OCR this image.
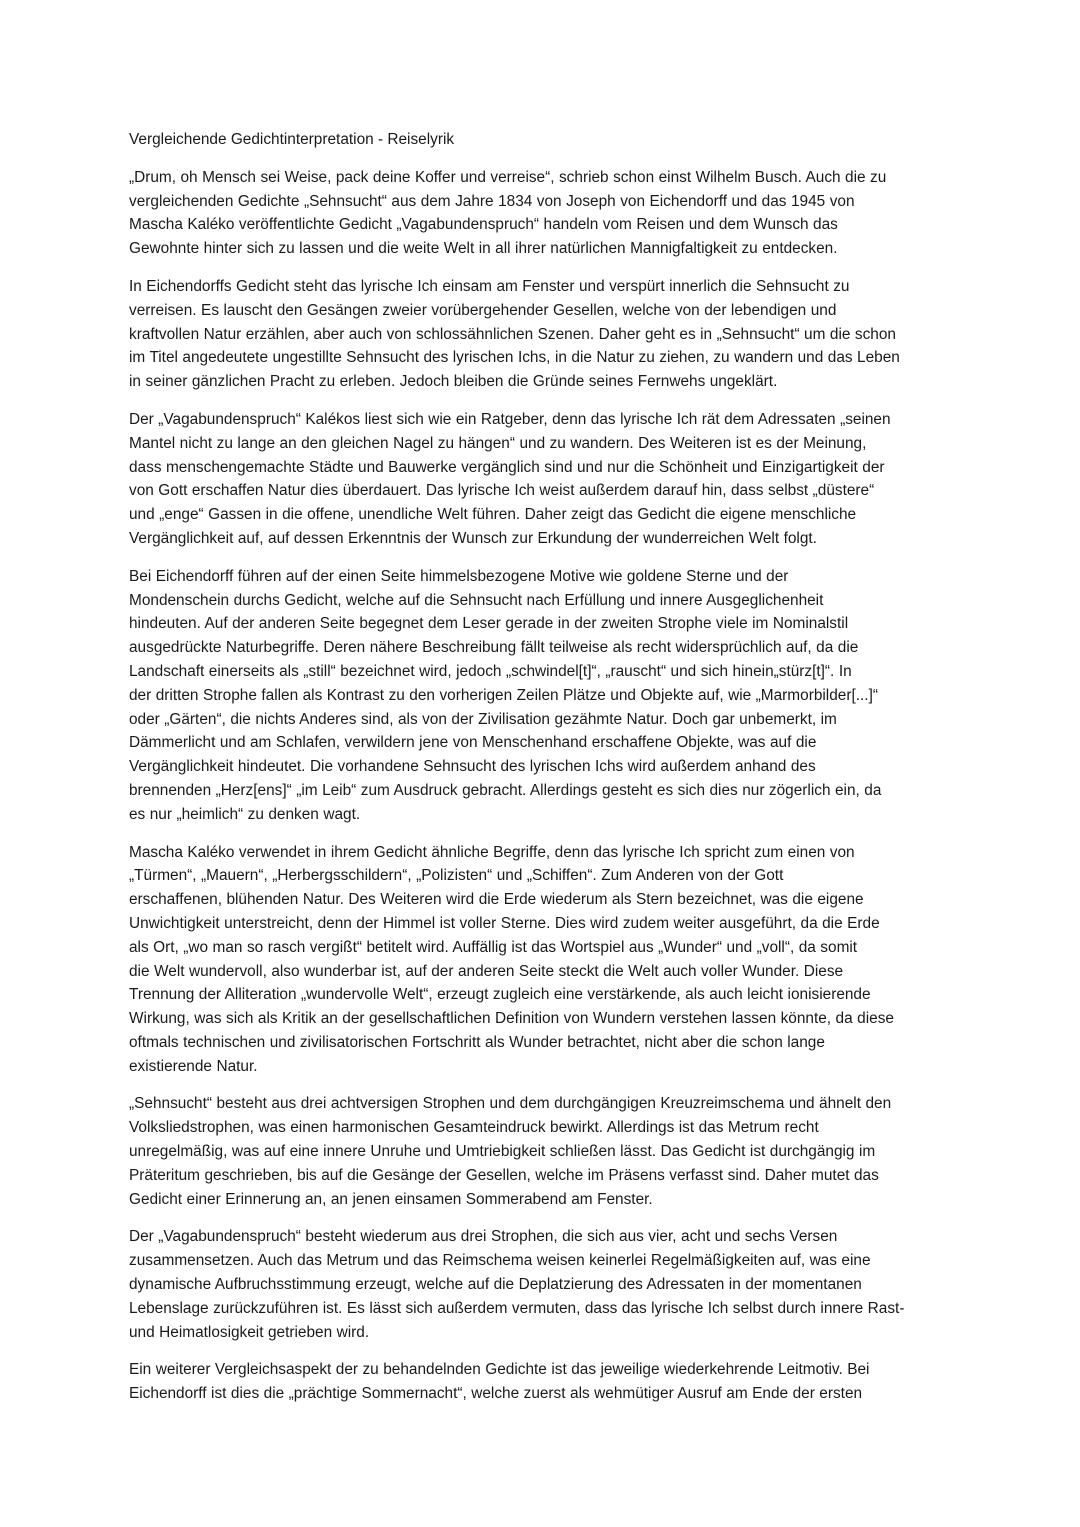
Vergleichende Gedichtinterpretation - Reiselyrik

„Drum, oh Mensch sei Weise, pack deine Koffer und verreise“, schrieb schon einst Wilhelm Busch. Auch die zu
vergleichenden Gedichte „Sehnsucht“ aus dem Jahre 1834 von Joseph von Eichendorff und das 1945 von
Mascha Kaléko veröffentlichte Gedicht „Vagabundenspruch“ handeln vom Reisen und dem Wunsch das
Gewohnte hinter sich zu lassen und die weite Welt in all ihrer natürlichen Mannigfaltigkeit zu entdecken.

In Eichendorffs Gedicht steht das lyrische Ich einsam am Fenster und verspürt innerlich die Sehnsucht zu
verreisen. Es lauscht den Gesängen zweier vorübergehender Gesellen, welche von der lebendigen und
kraftvollen Natur erzählen, aber auch von schlossähnlichen Szenen. Daher geht es in „Sehnsucht“ um die schon
im Titel angedeutete ungestillte Sehnsucht des lyrischen Ichs, in die Natur zu ziehen, zu wandern und das Leben
in seiner gänzlichen Pracht zu erleben. Jedoch bleiben die Gründe seines Fernwehs ungeklärt.

Der „Vagabundenspruch“ Kalékos liest sich wie ein Ratgeber, denn das lyrische Ich rät dem Adressaten „seinen
Mantel nicht zu lange an den gleichen Nagel zu hängen“ und zu wandern. Des Weiteren ist es der Meinung,
dass menschengemachte Städte und Bauwerke vergänglich sind und nur die Schönheit und Einzigartigkeit der
von Gott erschaffen Natur dies überdauert. Das lyrische Ich weist außerdem darauf hin, dass selbst „düstere“
und „enge“ Gassen in die offene, unendliche Welt führen. Daher zeigt das Gedicht die eigene menschliche
Vergänglichkeit auf, auf dessen Erkenntnis der Wunsch zur Erkundung der wunderreichen Welt folgt.

Bei Eichendorff führen auf der einen Seite himmelsbezogene Motive wie goldene Sterne und der
Mondenschein durchs Gedicht, welche auf die Sehnsucht nach Erfüllung und innere Ausgeglichenheit
hindeuten. Auf der anderen Seite begegnet dem Leser gerade in der zweiten Strophe viele im Nominalstil
ausgedrückte Naturbegriffe. Deren nähere Beschreibung fällt teilweise als recht widersprüchlich auf, da die
Landschaft einerseits als „still“ bezeichnet wird, jedoch „schwindel[t]“, „rauscht“ und sich hinein„stürz[t]“. In
der dritten Strophe fallen als Kontrast zu den vorherigen Zeilen Plätze und Objekte auf, wie „Marmorbilder[...]“
oder „Gärten“, die nichts Anderes sind, als von der Zivilisation gezähmte Natur. Doch gar unbemerkt, im
Dämmerlicht und am Schlafen, verwildern jene von Menschenhand erschaffene Objekte, was auf die
Vergänglichkeit hindeutet. Die vorhandene Sehnsucht des lyrischen Ichs wird außerdem anhand des
brennenden „Herz[ens]“ „im Leib“ zum Ausdruck gebracht. Allerdings gesteht es sich dies nur zögerlich ein, da
es nur „heimlich“ zu denken wagt.

Mascha Kaléko verwendet in ihrem Gedicht ähnliche Begriffe, denn das lyrische Ich spricht zum einen von
„Türmen“, „Mauern“, „Herbergsschildern“, „Polizisten“ und „Schiffen“. Zum Anderen von der Gott
erschaffenen, blühenden Natur. Des Weiteren wird die Erde wiederum als Stern bezeichnet, was die eigene
Unwichtigkeit unterstreicht, denn der Himmel ist voller Sterne. Dies wird zudem weiter ausgeführt, da die Erde
als Ort, „wo man so rasch vergißt“ betitelt wird. Auffällig ist das Wortspiel aus „Wunder“ und „voll“, da somit
die Welt wundervoll, also wunderbar ist, auf der anderen Seite steckt die Welt auch voller Wunder. Diese
Trennung der Alliteration „wundervolle Welt“, erzeugt zugleich eine verstärkende, als auch leicht ionisierende
Wirkung, was sich als Kritik an der gesellschaftlichen Definition von Wundern verstehen lassen könnte, da diese
oftmals technischen und zivilisatorischen Fortschritt als Wunder betrachtet, nicht aber die schon lange
existierende Natur.

„Sehnsucht“ besteht aus drei achtversigen Strophen und dem durchgängigen Kreuzreimschema und ähnelt den
Volksliedstrophen, was einen harmonischen Gesamteindruck bewirkt. Allerdings ist das Metrum recht
unregelmäßig, was auf eine innere Unruhe und Umtriebigkeit schließen lässt. Das Gedicht ist durchgängig im
Präteritum geschrieben, bis auf die Gesänge der Gesellen, welche im Präsens verfasst sind. Daher mutet das
Gedicht einer Erinnerung an, an jenen einsamen Sommerabend am Fenster.

Der „Vagabundenspruch“ besteht wiederum aus drei Strophen, die sich aus vier, acht und sechs Versen
zusammensetzen. Auch das Metrum und das Reimschema weisen keinerlei Regelmäßigkeiten auf, was eine
dynamische Aufbruchsstimmung erzeugt, welche auf die Deplatzierung des Adressaten in der momentanen
Lebenslage zurückzuführen ist. Es lässt sich außerdem vermuten, dass das lyrische Ich selbst durch innere Rast-
und Heimatlosigkeit getrieben wird.

Ein weiterer Vergleichsaspekt der zu behandelnden Gedichte ist das jeweilige wiederkehrende Leitmotiv. Bei
Eichendorff ist dies die „prächtige Sommernacht“, welche zuerst als wehmütiger Ausruf am Ende der ersten
